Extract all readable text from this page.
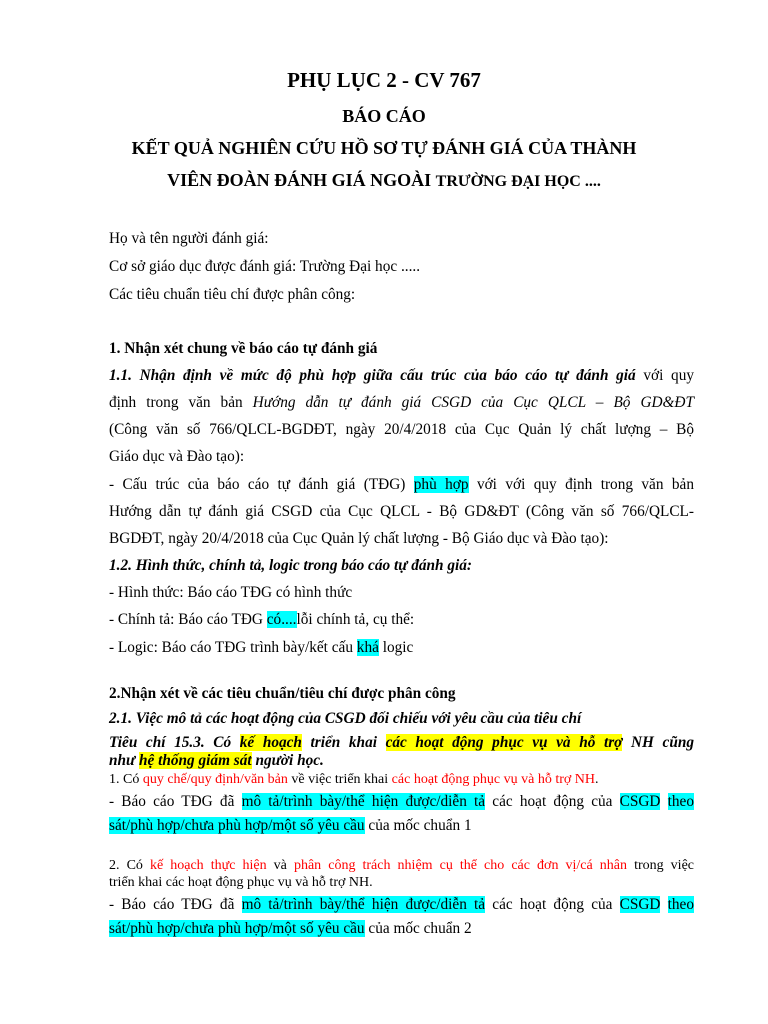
PHỤ LỤC 2 - CV 767
BÁO CÁO
KẾT QUẢ NGHIÊN CỨU HỒ SƠ TỰ ĐÁNH GIÁ CỦA THÀNH
VIÊN ĐOÀN ĐÁNH GIÁ NGOÀI TRƯỜNG ĐẠI HỌC ....
Họ và tên người đánh giá:
Cơ sở giáo dục được đánh giá: Trường Đại học .....
Các tiêu chuẩn tiêu chí được phân công:
1. Nhận xét chung về báo cáo tự đánh giá
1.1. Nhận định về mức độ phù hợp giữa cấu trúc của báo cáo tự đánh giá với quy
định trong văn bản Hướng dẫn tự đánh giá CSGD của Cục QLCL – Bộ GD&ĐT
(Công văn số 766/QLCL-BGDĐT, ngày 20/4/2018 của Cục Quản lý chất lượng – Bộ
Giáo dục và Đào tạo):
- Cấu trúc của báo cáo tự đánh giá (TĐG) phù hợp với với quy định trong văn bản
Hướng dẫn tự đánh giá CSGD của Cục QLCL - Bộ GD&ĐT (Công văn số 766/QLCL-
BGDĐT, ngày 20/4/2018 của Cục Quản lý chất lượng - Bộ Giáo dục và Đào tạo):
1.2. Hình thức, chính tả, logic trong báo cáo tự đánh giá:
- Hình thức: Báo cáo TĐG có hình thức
- Chính tả: Báo cáo TĐG có....lỗi chính tả, cụ thể:
- Logic: Báo cáo TĐG trình bày/kết cấu khá logic
2.Nhận xét về các tiêu chuẩn/tiêu chí được phân công
2.1. Việc mô tả các hoạt động của CSGD đối chiếu với yêu cầu của tiêu chí
Tiêu chí 15.3. Có kế hoạch triển khai các hoạt động phục vụ và hỗ trợ NH cũng
như hệ thống giám sát người học.
1. Có quy chế/quy định/văn bản về việc triển khai các hoạt động phục vụ và hỗ trợ NH.
- Báo cáo TĐG đã mô tả/trình bày/thể hiện được/diễn tả các hoạt động của CSGD theo
sát/phù hợp/chưa phù hợp/một số yêu cầu của mốc chuẩn 1
2. Có kế hoạch thực hiện và phân công trách nhiệm cụ thể cho các đơn vị/cá nhân trong việc
triển khai các hoạt động phục vụ và hỗ trợ NH.
- Báo cáo TĐG đã mô tả/trình bày/thể hiện được/diễn tả các hoạt động của CSGD theo
sát/phù hợp/chưa phù hợp/một số yêu cầu của mốc chuẩn 2
